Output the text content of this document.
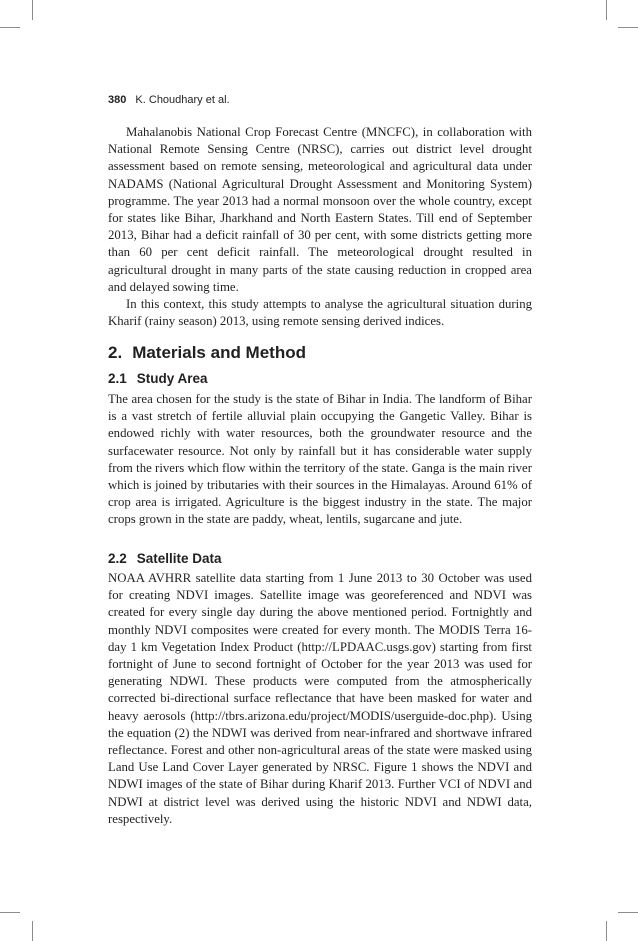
380 K. Choudhary et al.

Mahalanobis National Crop Forecast Centre (MNCFC), in collaboration with National Remote Sensing Centre (NRSC), carries out district level drought assessment based on remote sensing, meteorological and agricultural data under NADAMS (National Agricultural Drought Assessment and Monitoring System) programme. The year 2013 had a normal monsoon over the whole country, except for states like Bihar, Jharkhand and North Eastern States. Till end of September 2013, Bihar had a deficit rainfall of 30 per cent, with some districts getting more than 60 per cent deficit rainfall. The meteorological drought resulted in agricultural drought in many parts of the state causing reduction in cropped area and delayed sowing time.

In this context, this study attempts to analyse the agricultural situation during Kharif (rainy season) 2013, using remote sensing derived indices.

2. Materials and Method
2.1 Study Area

The area chosen for the study is the state of Bihar in India. The landform of Bihar is a vast stretch of fertile alluvial plain occupying the Gangetic Valley. Bihar is endowed richly with water resources, both the groundwater resource and the surfacewater resource. Not only by rainfall but it has considerable water supply from the rivers which flow within the territory of the state. Ganga is the main river which is joined by tributaries with their sources in the Himalayas. Around 61% of crop area is irrigated. Agriculture is the biggest industry in the state. The major crops grown in the state are paddy, wheat, lentils, sugarcane and jute.

2.2 Satellite Data

NOAA AVHRR satellite data starting from 1 June 2013 to 30 October was used for creating NDVI images. Satellite image was georeferenced and NDVI was created for every single day during the above mentioned period. Fortnightly and monthly NDVI composites were created for every month. The MODIS Terra 16-day 1 km Vegetation Index Product (http://LPDAAC.usgs.gov) starting from first fortnight of June to second fortnight of October for the year 2013 was used for generating NDWI. These products were computed from the atmospherically corrected bi-directional surface reflectance that have been masked for water and heavy aerosols (http://tbrs.arizona.edu/project/MODIS/userguide-doc.php). Using the equation (2) the NDWI was derived from near-infrared and shortwave infrared reflectance. Forest and other non-agricultural areas of the state were masked using Land Use Land Cover Layer generated by NRSC. Figure 1 shows the NDVI and NDWI images of the state of Bihar during Kharif 2013. Further VCI of NDVI and NDWI at district level was derived using the historic NDVI and NDWI data, respectively.
